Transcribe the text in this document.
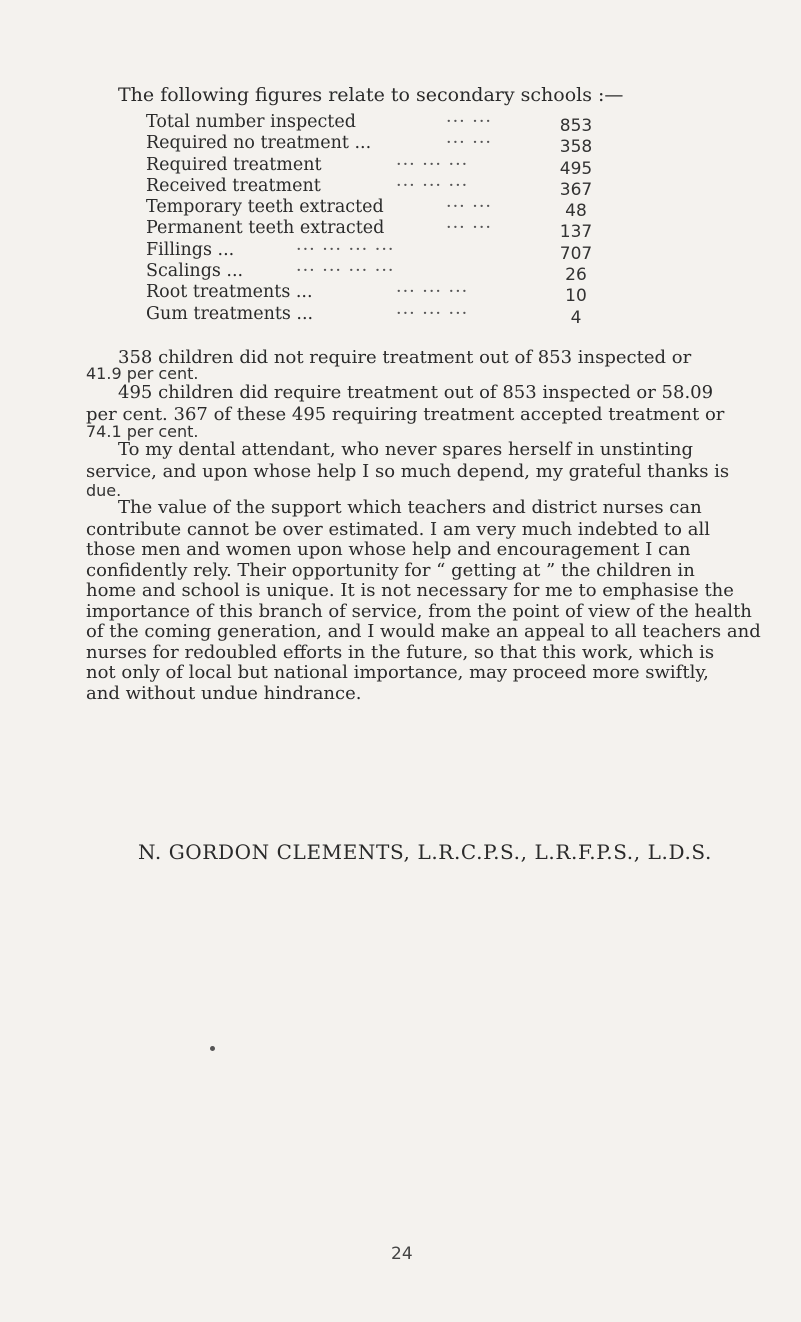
The following figures relate to secondary schools :—
Total number inspected	··· ···	853
Required no treatment ...	··· ···	358
Required treatment	··· ··· ···	495
Received treatment	··· ··· ···	367
Temporary teeth extracted	··· ···	48
Permanent teeth extracted	··· ···	137
Fillings ...	··· ··· ··· ···	707
Scalings ...	··· ··· ··· ···	26
Root treatments ...	··· ··· ···	10
Gum treatments ...	··· ··· ···	4
358 children did not require treatment out of 853 inspected or
41.9 per cent.
495 children did require treatment out of 853 inspected or 58.09
per cent. 367 of these 495 requiring treatment accepted treatment or
74.1 per cent.
To my dental attendant, who never spares herself in unstinting
service, and upon whose help I so much depend, my grateful thanks is
due.
The value of the support which teachers and district nurses can
contribute cannot be over estimated. I am very much indebted to all
those men and women upon whose help and encouragement I can
confidently rely. Their opportunity for “ getting at ” the children in
home and school is unique. It is not necessary for me to emphasise the
importance of this branch of service, from the point of view of the health
of the coming generation, and I would make an appeal to all teachers and
nurses for redoubled efforts in the future, so that this work, which is
not only of local but national importance, may proceed more swiftly,
and without undue hindrance.
N. GORDON CLEMENTS, L.R.C.P.S., L.R.F.P.S., L.D.S.
24
